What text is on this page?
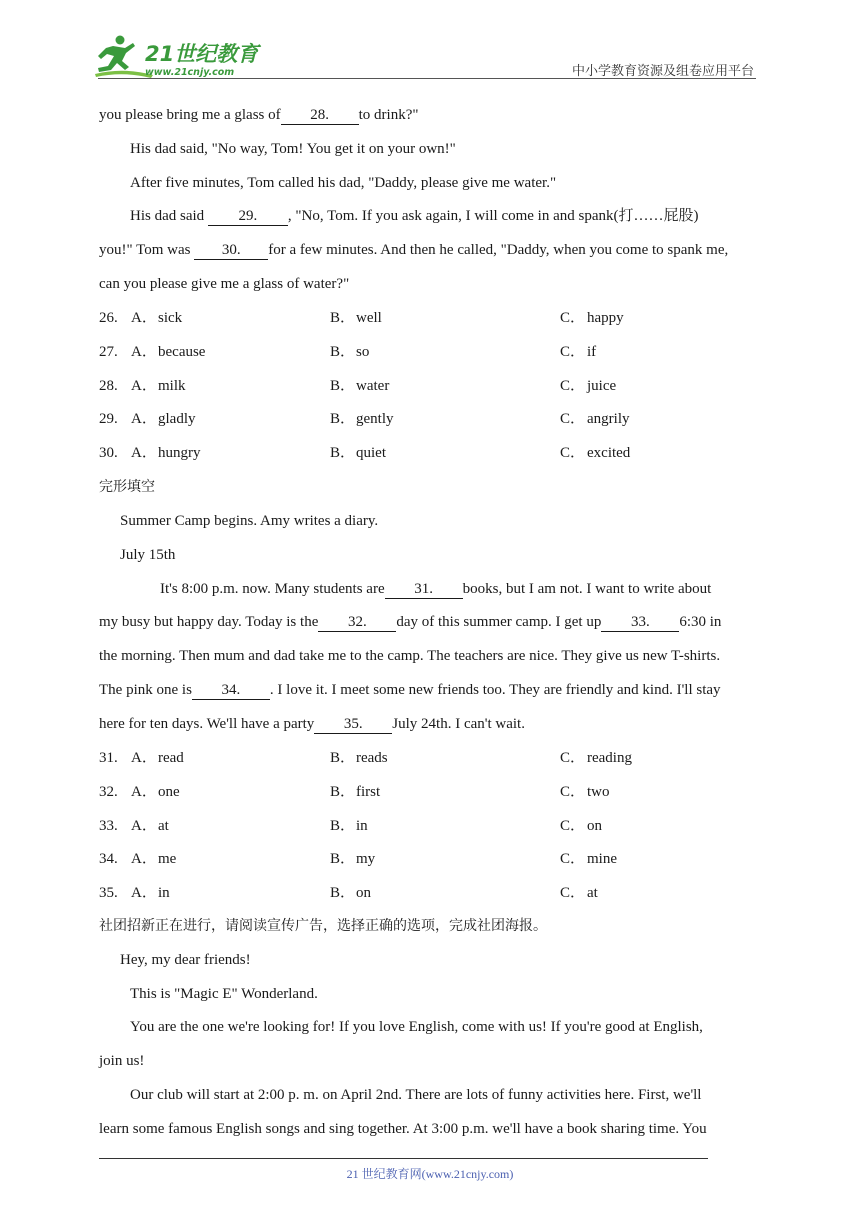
21世纪教育
www.21cnjy.com	中小学教育资源及组卷应用平台
you please bring me a glass of 28. to drink?"
His dad said, "No way, Tom! You get it on your own!"
After five minutes, Tom called his dad, "Daddy, please give me water."
His dad said 29. , "No, Tom. If you ask again, I will come in and spank(打……屁股)
you!" Tom was 30. for a few minutes. And then he called, "Daddy, when you come to spank me,
can you please give me a glass of water?"
26. A． sick	B． well	C． happy
27. A． because	B． so	C． if
28. A． milk	B． water	C． juice
29. A． gladly	B． gently	C． angrily
30. A． hungry	B． quiet	C． excited
完形填空
Summer Camp begins. Amy writes a diary.
July 15th
It's 8:00 p.m. now. Many students are 31. books, but I am not. I want to write about
my busy but happy day. Today is the 32. day of this summer camp. I get up 33. 6:30 in
the morning. Then mum and dad take me to the camp. The teachers are nice. They give us new T-shirts.
The pink one is 34. . I love it. I meet some new friends too. They are friendly and kind. I'll stay
here for ten days. We'll have a party 35. July 24th. I can't wait.
31. A． read	B． reads	C． reading
32. A． one	B． first	C． two
33. A． at	B． in	C． on
34. A． me	B． my	C． mine
35. A． in	B． on	C． at
社团招新正在进行，请阅读宣传广告，选择正确的选项，完成社团海报。
Hey, my dear friends!
This is "Magic E" Wonderland.
You are the one we're looking for! If you love English, come with us! If you're good at English,
join us!
Our club will start at 2:00 p. m. on April 2nd. There are lots of funny activities here. First, we'll
learn some famous English songs and sing together. At 3:00 p.m. we'll have a book sharing time. You
21 世纪教育网(www.21cnjy.com)
